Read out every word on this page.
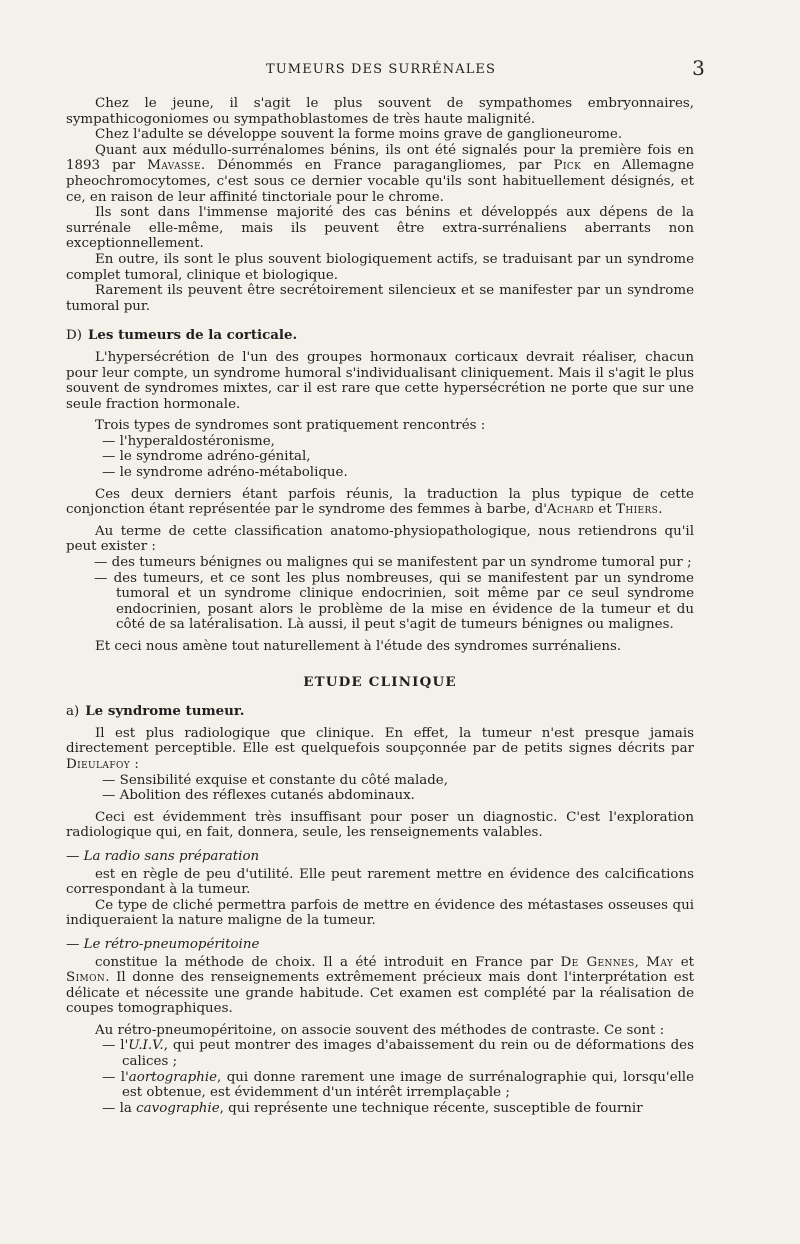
TUMEURS DES SURRÉNALES	3

Chez le jeune, il s'agit le plus souvent de sympathomes embryonnaires, sympathicogoniomes ou sympathoblastomes de très haute malignité.

Chez l'adulte se développe souvent la forme moins grave de ganglioneurome.

Quant aux médullo-surrénalomes bénins, ils ont été signalés pour la première fois en 1893 par Mavasse. Dénommés en France paragangliomes, par Pick en Allemagne pheochromocytomes, c'est sous ce dernier vocable qu'ils sont habituellement désignés, et ce, en raison de leur affinité tinctoriale pour le chrome.

Ils sont dans l'immense majorité des cas bénins et développés aux dépens de la surrénale elle-même, mais ils peuvent être extra-surrénaliens aberrants non exceptionnellement.

En outre, ils sont le plus souvent biologiquement actifs, se traduisant par un syndrome complet tumoral, clinique et biologique.

Rarement ils peuvent être secrétoirement silencieux et se manifester par un syndrome tumoral pur.

D) Les tumeurs de la corticale.

L'hypersécrétion de l'un des groupes hormonaux corticaux devrait réaliser, chacun pour leur compte, un syndrome humoral s'individualisant cliniquement. Mais il s'agit le plus souvent de syndromes mixtes, car il est rare que cette hypersécrétion ne porte que sur une seule fraction hormonale.

Trois types de syndromes sont pratiquement rencontrés :

— l'hyperaldostéronisme,
— le syndrome adréno-génital,
— le syndrome adréno-métabolique.

Ces deux derniers étant parfois réunis, la traduction la plus typique de cette conjonction étant représentée par le syndrome des femmes à barbe, d'Achard et Thiers.

Au terme de cette classification anatomo-physiopathologique, nous retiendrons qu'il peut exister :

— des tumeurs bénignes ou malignes qui se manifestent par un syndrome tumoral pur ;
— des tumeurs, et ce sont les plus nombreuses, qui se manifestent par un syndrome tumoral et un syndrome clinique endocrinien, soit même par ce seul syndrome endocrinien, posant alors le problème de la mise en évidence de la tumeur et du côté de sa latéralisation. Là aussi, il peut s'agit de tumeurs bénignes ou malignes.

Et ceci nous amène tout naturellement à l'étude des syndromes surrénaliens.

ETUDE CLINIQUE
a) Le syndrome tumeur.

Il est plus radiologique que clinique. En effet, la tumeur n'est presque jamais directement perceptible. Elle est quelquefois soupçonnée par de petits signes décrits par Dieulafoy :

— Sensibilité exquise et constante du côté malade,
— Abolition des réflexes cutanés abdominaux.

Ceci est évidemment très insuffisant pour poser un diagnostic. C'est l'exploration radiologique qui, en fait, donnera, seule, les renseignements valables.

— La radio sans préparation

est en règle de peu d'utilité. Elle peut rarement mettre en évidence des calcifications correspondant à la tumeur.

Ce type de cliché permettra parfois de mettre en évidence des métastases osseuses qui indiqueraient la nature maligne de la tumeur.

— Le rétro-pneumopéritoine

constitue la méthode de choix. Il a été introduit en France par De Gennes, May et Simon. Il donne des renseignements extrêmement précieux mais dont l'interprétation est délicate et nécessite une grande habitude. Cet examen est complété par la réalisation de coupes tomographiques.

Au rétro-pneumopéritoine, on associe souvent des méthodes de contraste. Ce sont :

— l'U.I.V., qui peut montrer des images d'abaissement du rein ou de déformations des calices ;
— l'aortographie, qui donne rarement une image de surrénalographie qui, lorsqu'elle est obtenue, est évidemment d'un intérêt irremplaçable ;
— la cavographie, qui représente une technique récente, susceptible de fournir
